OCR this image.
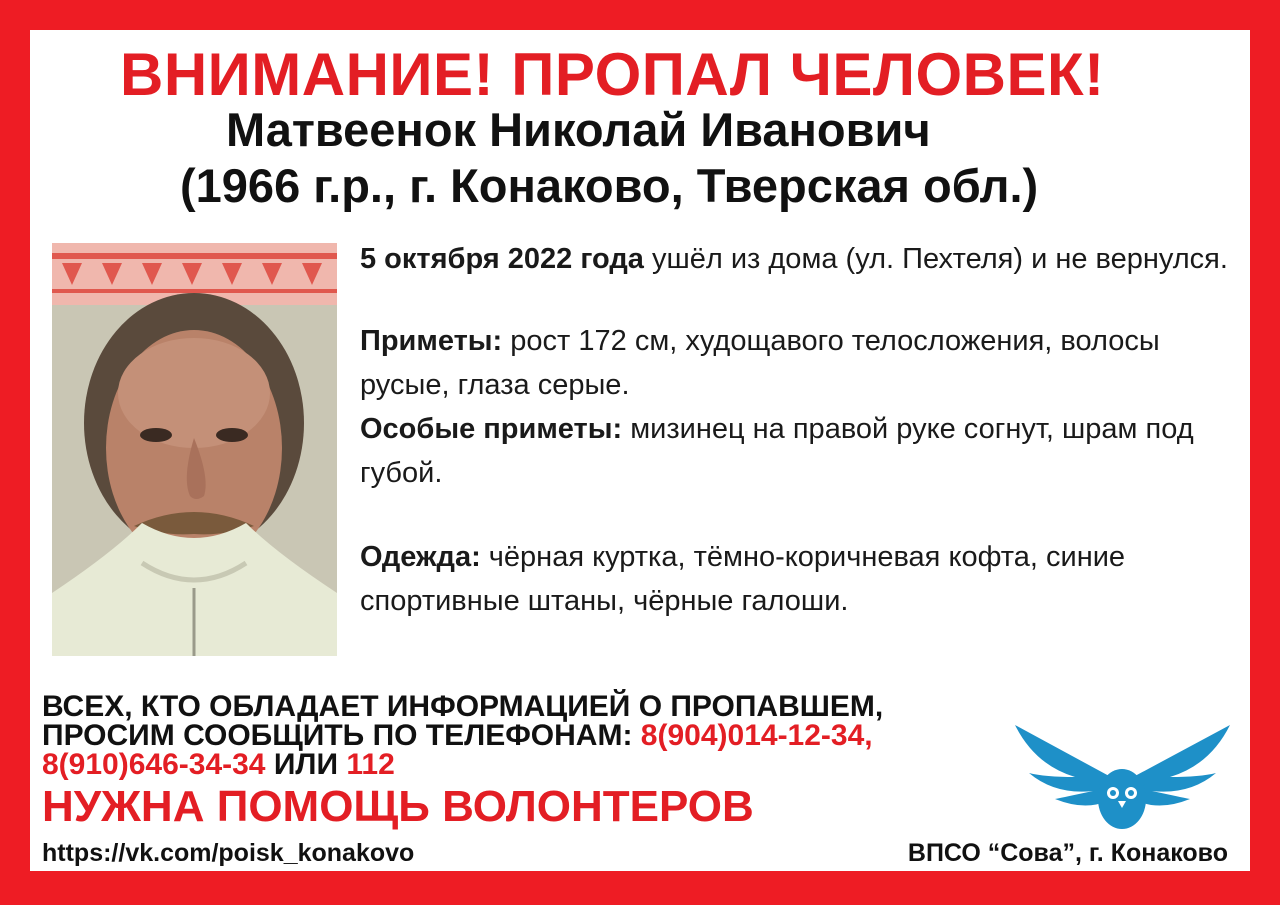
ВНИМАНИЕ! ПРОПАЛ ЧЕЛОВЕК!
Матвеенок Николай Иванович
(1966 г.р., г. Конаково, Тверская обл.)

5 октября 2022 года ушёл из дома (ул. Пехтеля) и не вернулся.

Приметы: рост 172 см, худощавого телосложения, волосы русые, глаза серые.

Особые приметы: мизинец на правой руке согнут, шрам под губой.

Одежда: чёрная куртка, тёмно-коричневая кофта, синие спортивные штаны, чёрные галоши.

ВСЕХ, КТО ОБЛАДАЕТ ИНФОРМАЦИЕЙ О ПРОПАВШЕМ,
ПРОСИМ СООБЩИТЬ ПО ТЕЛЕФОНАМ: 8(904)014-12-34,
8(910)646-34-34 ИЛИ 112
НУЖНА ПОМОЩЬ ВОЛОНТЕРОВ
https://vk.com/poisk_konakovo	ВПСО “Сова”, г. Конаково
